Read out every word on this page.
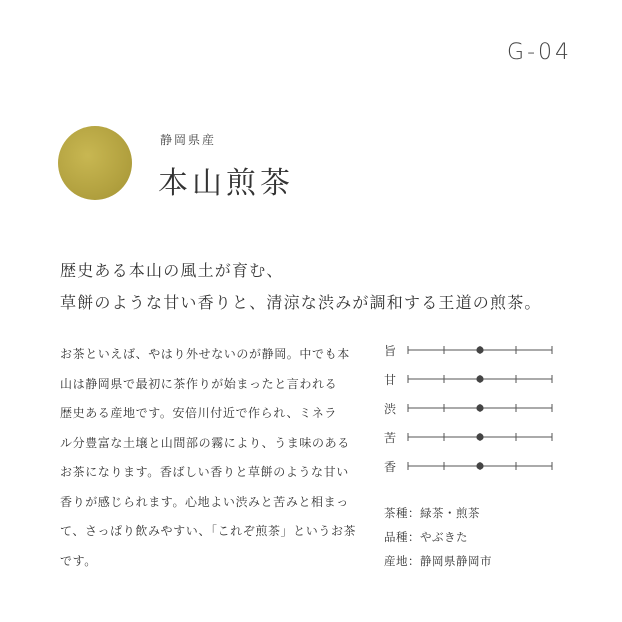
G-04
静岡県産
本山煎茶
歴史ある本山の風土が育む、
草餅のような甘い香りと、清涼な渋みが調和する王道の煎茶。
お茶といえば、やはり外せないのが静岡。中でも本
山は静岡県で最初に茶作りが始まったと言われる
歴史ある産地です。安倍川付近で作られ、ミネラ
ル分豊富な土壌と山間部の霧により、うま味のある
お茶になります。香ばしい香りと草餅のような甘い
香りが感じられます。心地よい渋みと苦みと相まっ
て、さっぱり飲みやすい、「これぞ煎茶」というお茶
です。
旨
甘
渋
苦
香
茶種：緑茶・煎茶
品種：やぶきた
産地：静岡県静岡市
